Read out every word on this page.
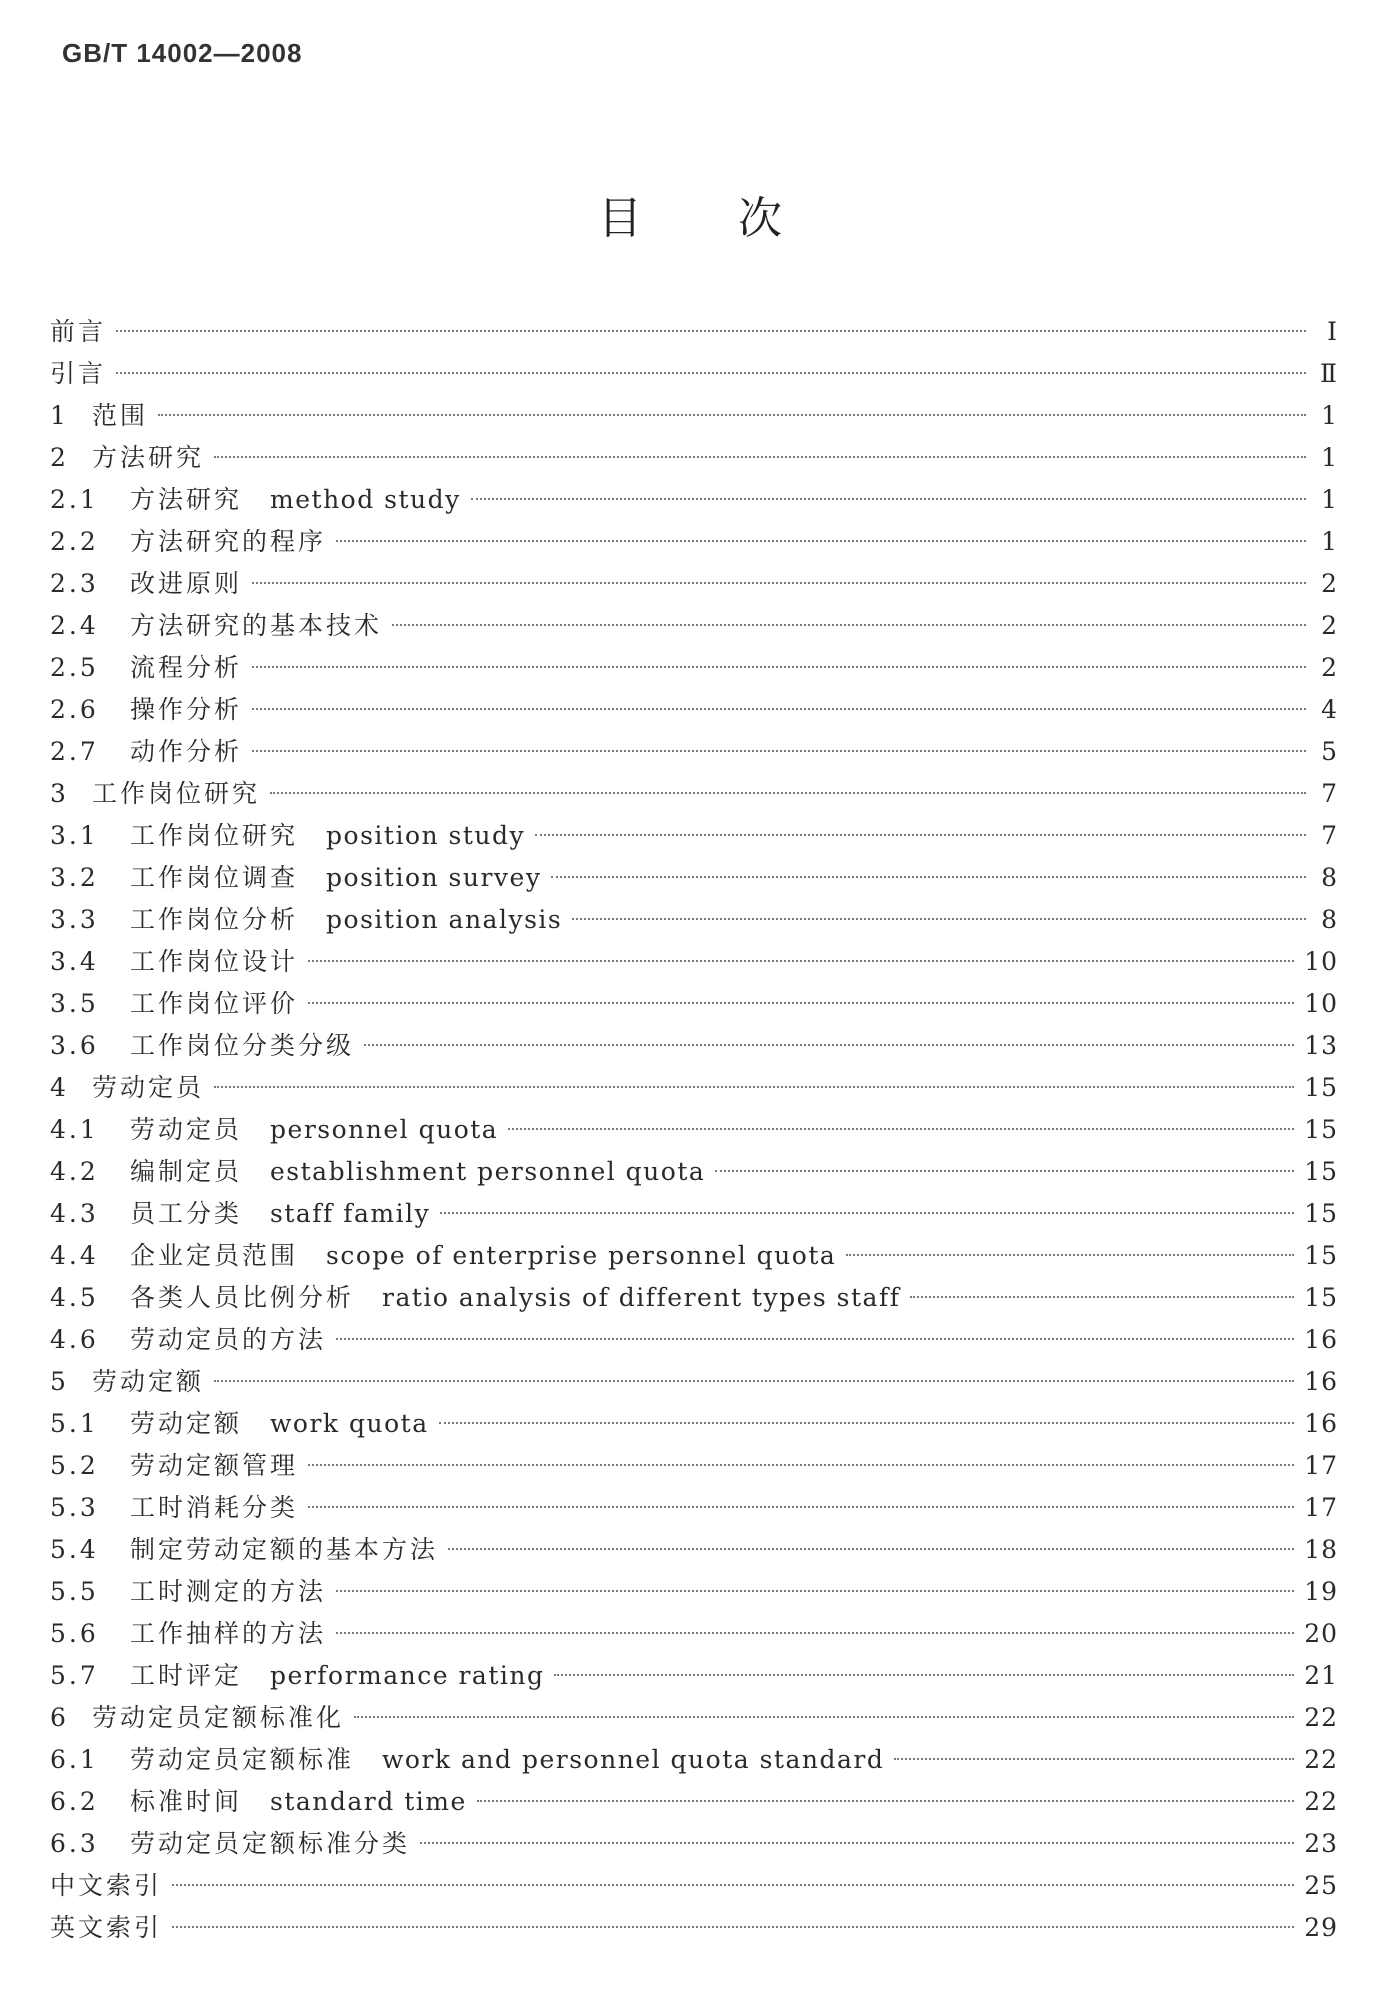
GB/T 14002—2008
目次
前言	Ⅰ
引言	Ⅱ
1 范围	1
2 方法研究	1
2.1	方法研究 method study	1
2.2	方法研究的程序	1
2.3	改进原则	2
2.4	方法研究的基本技术	2
2.5	流程分析	2
2.6	操作分析	4
2.7	动作分析	5
3 工作岗位研究	7
3.1	工作岗位研究 position study	7
3.2	工作岗位调查 position survey	8
3.3	工作岗位分析 position analysis	8
3.4	工作岗位设计	10
3.5	工作岗位评价	10
3.6	工作岗位分类分级	13
4 劳动定员	15
4.1	劳动定员 personnel quota	15
4.2	编制定员 establishment personnel quota	15
4.3	员工分类 staff family	15
4.4	企业定员范围 scope of enterprise personnel quota	15
4.5	各类人员比例分析 ratio analysis of different types staff	15
4.6	劳动定员的方法	16
5 劳动定额	16
5.1	劳动定额 work quota	16
5.2	劳动定额管理	17
5.3	工时消耗分类	17
5.4	制定劳动定额的基本方法	18
5.5	工时测定的方法	19
5.6	工作抽样的方法	20
5.7	工时评定 performance rating	21
6 劳动定员定额标准化	22
6.1	劳动定员定额标准 work and personnel quota standard	22
6.2	标准时间 standard time	22
6.3	劳动定员定额标准分类	23
中文索引	25
英文索引	29
